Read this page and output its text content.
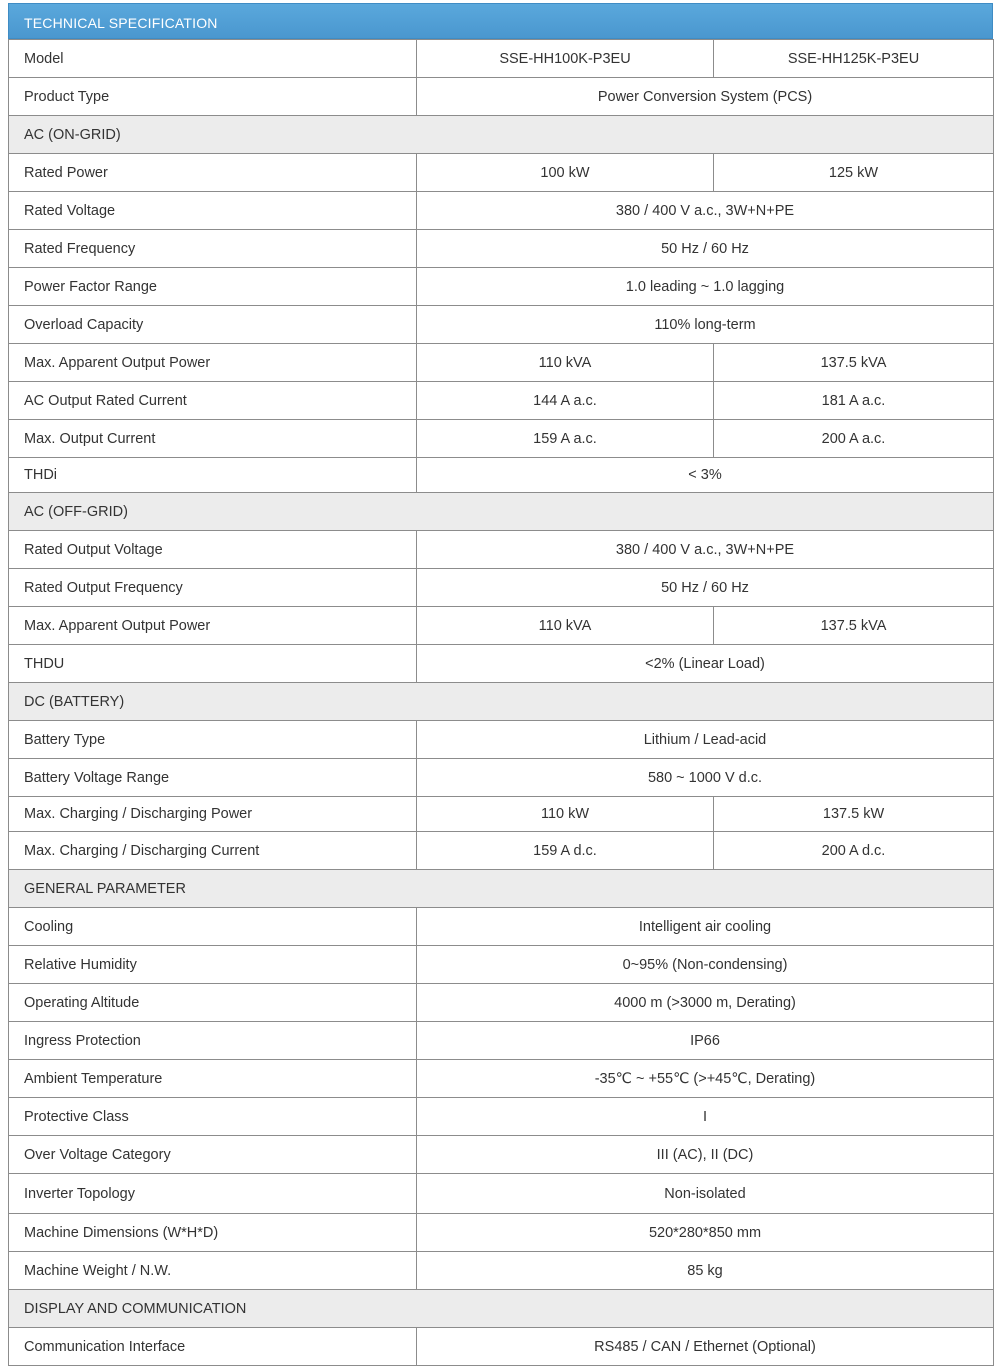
TECHNICAL SPECIFICATION
Model	SSE-HH100K-P3EU	SSE-HH125K-P3EU
Product Type	Power Conversion System (PCS)	
AC (ON-GRID)		
Rated Power	100 kW	125 kW
Rated Voltage	380 / 400 V a.c., 3W+N+PE	
Rated Frequency	50 Hz / 60 Hz	
Power Factor Range	1.0 leading ~ 1.0 lagging	
Overload Capacity	110% long-term	
Max. Apparent Output Power	110 kVA	137.5 kVA
AC Output Rated Current	144 A a.c.	181 A a.c.
Max. Output Current	159 A a.c.	200 A a.c.
THDi	< 3%	
AC (OFF-GRID)		
Rated Output Voltage	380 / 400 V a.c., 3W+N+PE	
Rated Output Frequency	50 Hz / 60 Hz	
Max. Apparent Output Power	110 kVA	137.5 kVA
THDU	<2% (Linear Load)	
DC (BATTERY)		
Battery Type	Lithium / Lead-acid	
Battery Voltage Range	580 ~ 1000 V d.c.	
Max. Charging / Discharging Power	110 kW	137.5 kW
Max. Charging / Discharging Current	159 A d.c.	200 A d.c.
GENERAL PARAMETER		
Cooling	Intelligent air cooling	
Relative Humidity	0~95% (Non-condensing)	
Operating Altitude	4000 m (>3000 m, Derating)	
Ingress Protection	IP66	
Ambient Temperature	-35℃ ~ +55℃ (>+45℃, Derating)	
Protective Class	I	
Over Voltage Category	III (AC), II (DC)	
Inverter Topology	Non-isolated	
Machine Dimensions (W*H*D)	520*280*850 mm	
Machine Weight / N.W.	85 kg	
DISPLAY AND COMMUNICATION		
Communication Interface	RS485 / CAN / Ethernet (Optional)	
